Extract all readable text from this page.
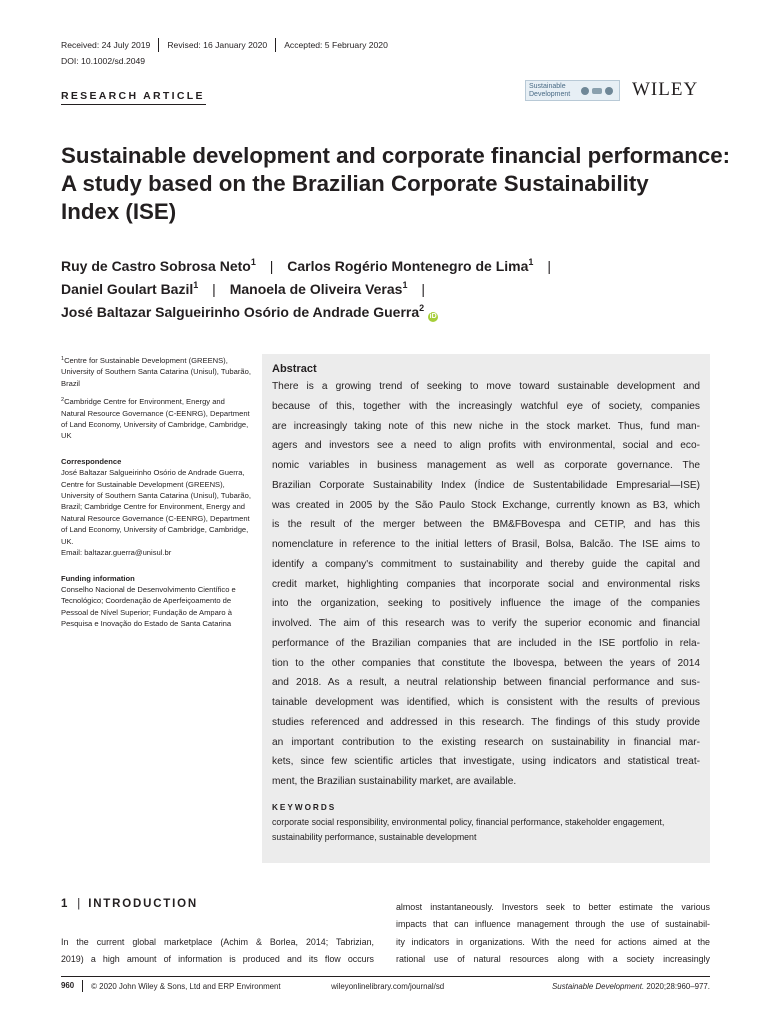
Received: 24 July 2019	Revised: 16 January 2020	Accepted: 5 February 2020
DOI: 10.1002/sd.2049
RESEARCH ARTICLE
Sustainable Development	WILEY
Sustainable development and corporate financial performance:
A study based on the Brazilian Corporate Sustainability
Index (ISE)
Ruy de Castro Sobrosa Neto$^1$ | Carlos Rogério Montenegro de Lima$^1$ |
Daniel Goulart Bazil$^1$ | Manoela de Oliveira Veras$^1$ |
José Baltazar Salgueirinho Osório de Andrade Guerra$^2$iD
$^1$Centre for Sustainable Development (GREENS), University of Southern Santa Catarina (Unisul), Tubarão, Brazil
$^2$Cambridge Centre for Environment, Energy and Natural Resource Governance (C-EENRG), Department of Land Economy, University of Cambridge, Cambridge, UK
Correspondence
José Baltazar Salgueirinho Osório de Andrade Guerra, Centre for Sustainable Development (GREENS), University of Southern Santa Catarina (Unisul), Tubarão, Brazil; Cambridge Centre for Environment, Energy and Natural Resource Governance (C-EENRG), Department of Land Economy, University of Cambridge, Cambridge, UK.
Email: baltazar.guerra@unisul.br
Funding information
Conselho Nacional de Desenvolvimento Científico e Tecnológico; Coordenação de Aperfeiçoamento de Pessoal de Nível Superior; Fundação de Amparo à Pesquisa e Inovação do Estado de Santa Catarina
Abstract
There is a growing trend of seeking to move toward sustainable development and
because of this, together with the increasingly watchful eye of society, companies
are increasingly taking note of this new niche in the stock market. Thus, fund man-
agers and investors see a need to align profits with environmental, social and eco-
nomic variables in business management as well as corporate governance. The
Brazilian Corporate Sustainability Index (Índice de Sustentabilidade Empresarial—ISE)
was created in 2005 by the São Paulo Stock Exchange, currently known as B3, which
is the result of the merger between the BM&FBovespa and CETIP, and has this
nomenclature in reference to the initial letters of Brasil, Bolsa, Balcão. The ISE aims to
identify a company's commitment to sustainability and thereby guide the capital and
credit market, highlighting companies that incorporate social and environmental risks
into the organization, seeking to positively influence the image of the companies
involved. The aim of this research was to verify the superior economic and financial
performance of the Brazilian companies that are included in the ISE portfolio in rela-
tion to the other companies that constitute the Ibovespa, between the years of 2014
and 2018. As a result, a neutral relationship between financial performance and sus-
tainable development was identified, which is consistent with the results of previous
studies referenced and addressed in this research. The findings of this study provide
an important contribution to the existing research on sustainability in financial mar-
kets, since few scientific articles that investigate, using indicators and statistical treat-
ment, the Brazilian sustainability market, are available.
KEYWORDS
corporate social responsibility, environmental policy, financial performance, stakeholder engagement, sustainability performance, sustainable development
1 | INTRODUCTION
In the current global marketplace (Achim & Borlea, 2014; Tabrizian,
2019) a high amount of information is produced and its flow occurs
almost instantaneously. Investors seek to better estimate the various
impacts that can influence management through the use of sustainabil-
ity indicators in organizations. With the need for actions aimed at the
rational use of natural resources along with a society increasingly
960	© 2020 John Wiley & Sons, Ltd and ERP Environment	wileyonlinelibrary.com/journal/sd	Sustainable Development. 2020;28:960–977.
